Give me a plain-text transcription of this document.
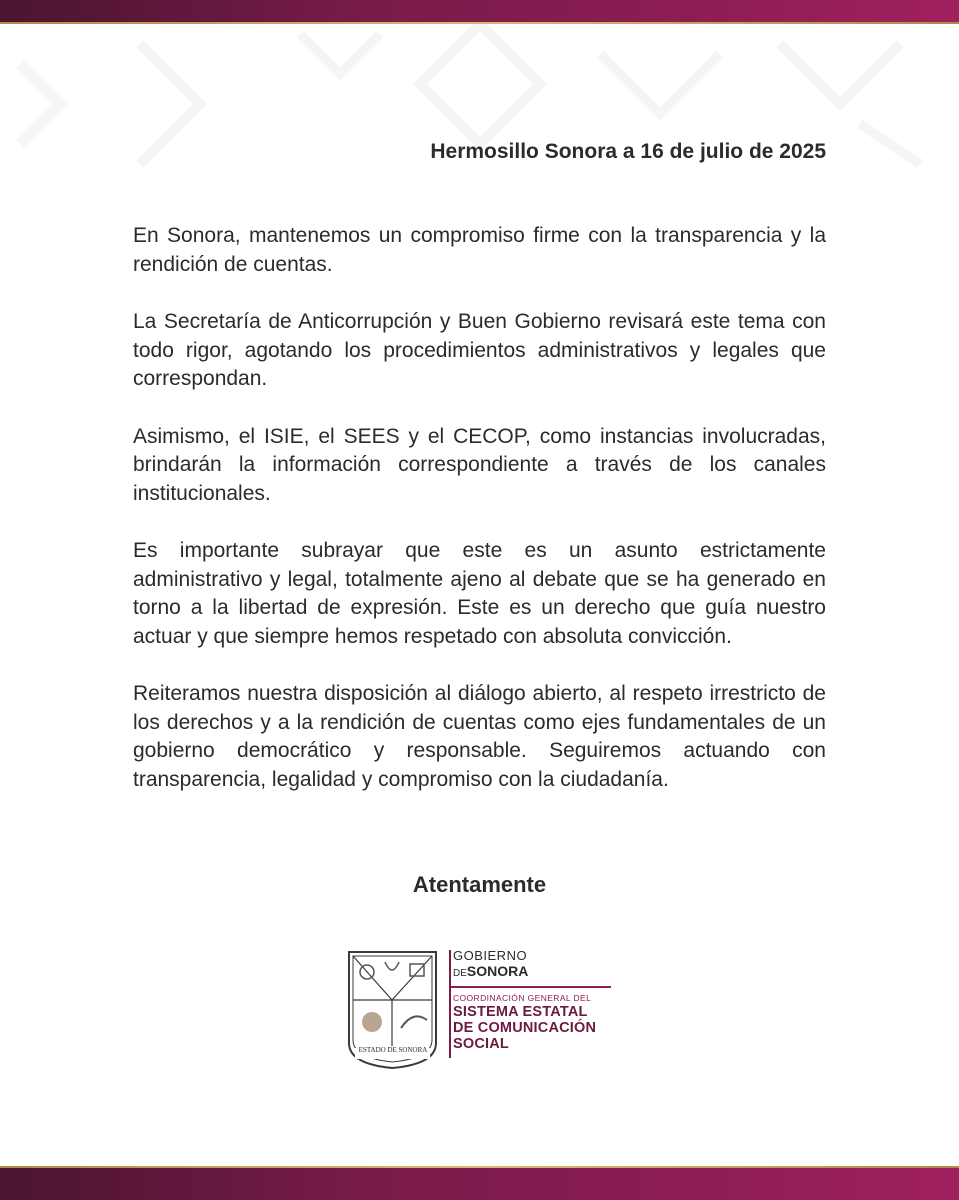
Hermosillo Sonora a 16 de julio de 2025

En Sonora, mantenemos un compromiso firme con la transparencia y la rendición de cuentas.

La Secretaría de Anticorrupción y Buen Gobierno revisará este tema con todo rigor, agotando los procedimientos administrativos y legales que correspondan.

Asimismo, el ISIE, el SEES y el CECOP, como instancias involucradas, brindarán la información correspondiente a través de los canales institucionales.

Es importante subrayar que este es un asunto estrictamente administrativo y legal, totalmente ajeno al debate que se ha generado en torno a la libertad de expresión. Este es un derecho que guía nuestro actuar y que siempre hemos respetado con absoluta convicción.

Reiteramos nuestra disposición al diálogo abierto, al respeto irrestricto de los derechos y a la rendición de cuentas como ejes fundamentales de un gobierno democrático y responsable. Seguiremos actuando con transparencia, legalidad y compromiso con la ciudadanía.

Atentamente
ESTADO DE SONORA
GOBIERNO
DESONORA
COORDINACIÓN GENERAL DEL
SISTEMA ESTATAL
DE COMUNICACIÓN
SOCIAL
